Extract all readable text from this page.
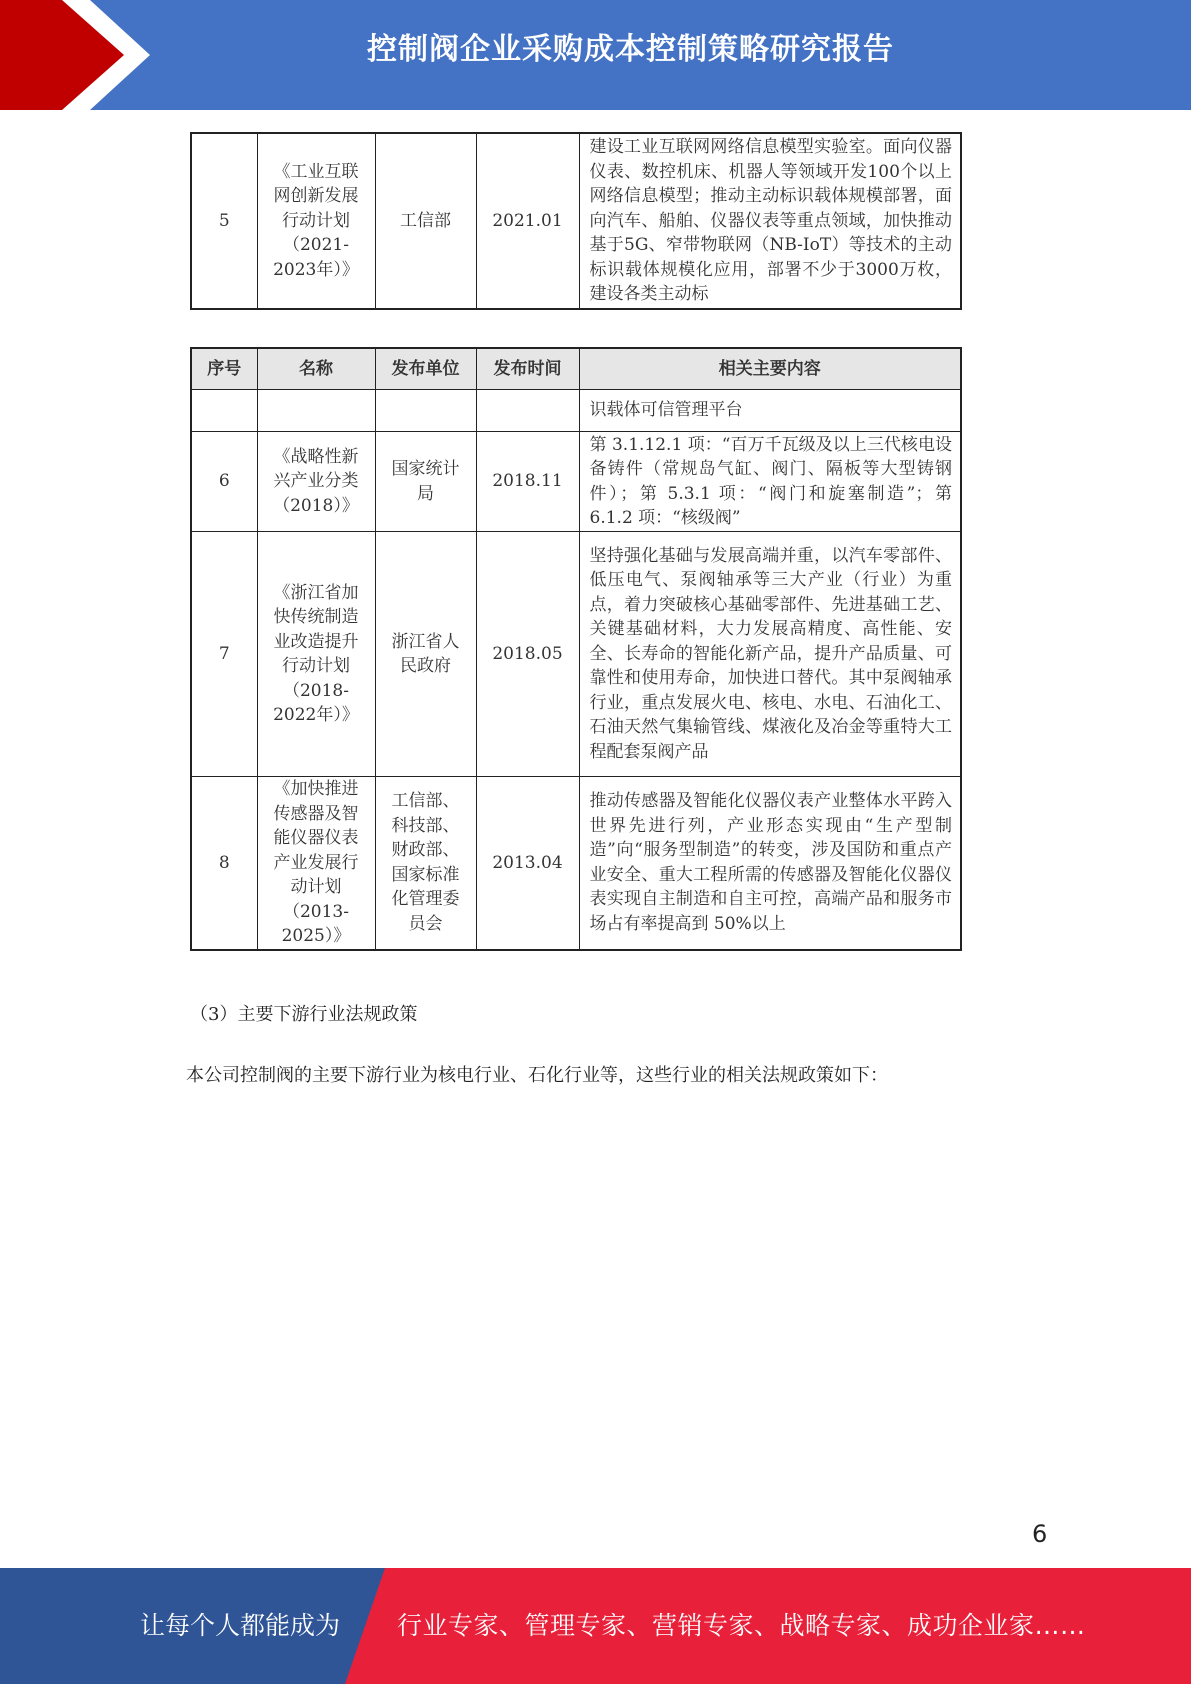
控制阀企业采购成本控制策略研究报告
5	《工业互联网创新发展行动计划（2021-2023年）》	工信部	2021.01	建设工业互联网网络信息模型实验室。面向仪器仪表、数控机床、机器人等领域开发100个以上网络信息模型；推动主动标识载体规模部署，面向汽车、船舶、仪器仪表等重点领域，加快推动基于5G、窄带物联网（NB-IoT）等技术的主动标识载体规模化应用，部署不少于3000万枚，建设各类主动标
序号	名称	发布单位	发布时间	相关主要内容
				识载体可信管理平台
6	《战略性新兴产业分类（2018）》	国家统计局	2018.11	第 3.1.12.1 项：“百万千瓦级及以上三代核电设备铸件（常规岛气缸、阀门、隔板等大型铸钢件）；第 5.3.1 项：“阀门和旋塞制造”；第 6.1.2 项：“核级阀”
7	《浙江省加快传统制造业改造提升行动计划（2018-2022年）》	浙江省人民政府	2018.05	坚持强化基础与发展高端并重，以汽车零部件、低压电气、泵阀轴承等三大产业（行业）为重点，着力突破核心基础零部件、先进基础工艺、关键基础材料，大力发展高精度、高性能、安全、长寿命的智能化新产品，提升产品质量、可靠性和使用寿命，加快进口替代。其中泵阀轴承行业，重点发展火电、核电、水电、石油化工、石油天然气集输管线、煤液化及冶金等重特大工程配套泵阀产品
8	《加快推进传感器及智能仪器仪表产业发展行动计划（2013-2025）》	工信部、科技部、财政部、国家标准化管理委员会	2013.04	推动传感器及智能化仪器仪表产业整体水平跨入世界先进行列，产业形态实现由“生产型制造”向“服务型制造”的转变，涉及国防和重点产业安全、重大工程所需的传感器及智能化仪器仪表实现自主制造和自主可控，高端产品和服务市场占有率提高到 50%以上
（3）主要下游行业法规政策
本公司控制阀的主要下游行业为核电行业、石化行业等，这些行业的相关法规政策如下：
6
让每个人都能成为 行业专家、管理专家、营销专家、战略专家、成功企业家……
